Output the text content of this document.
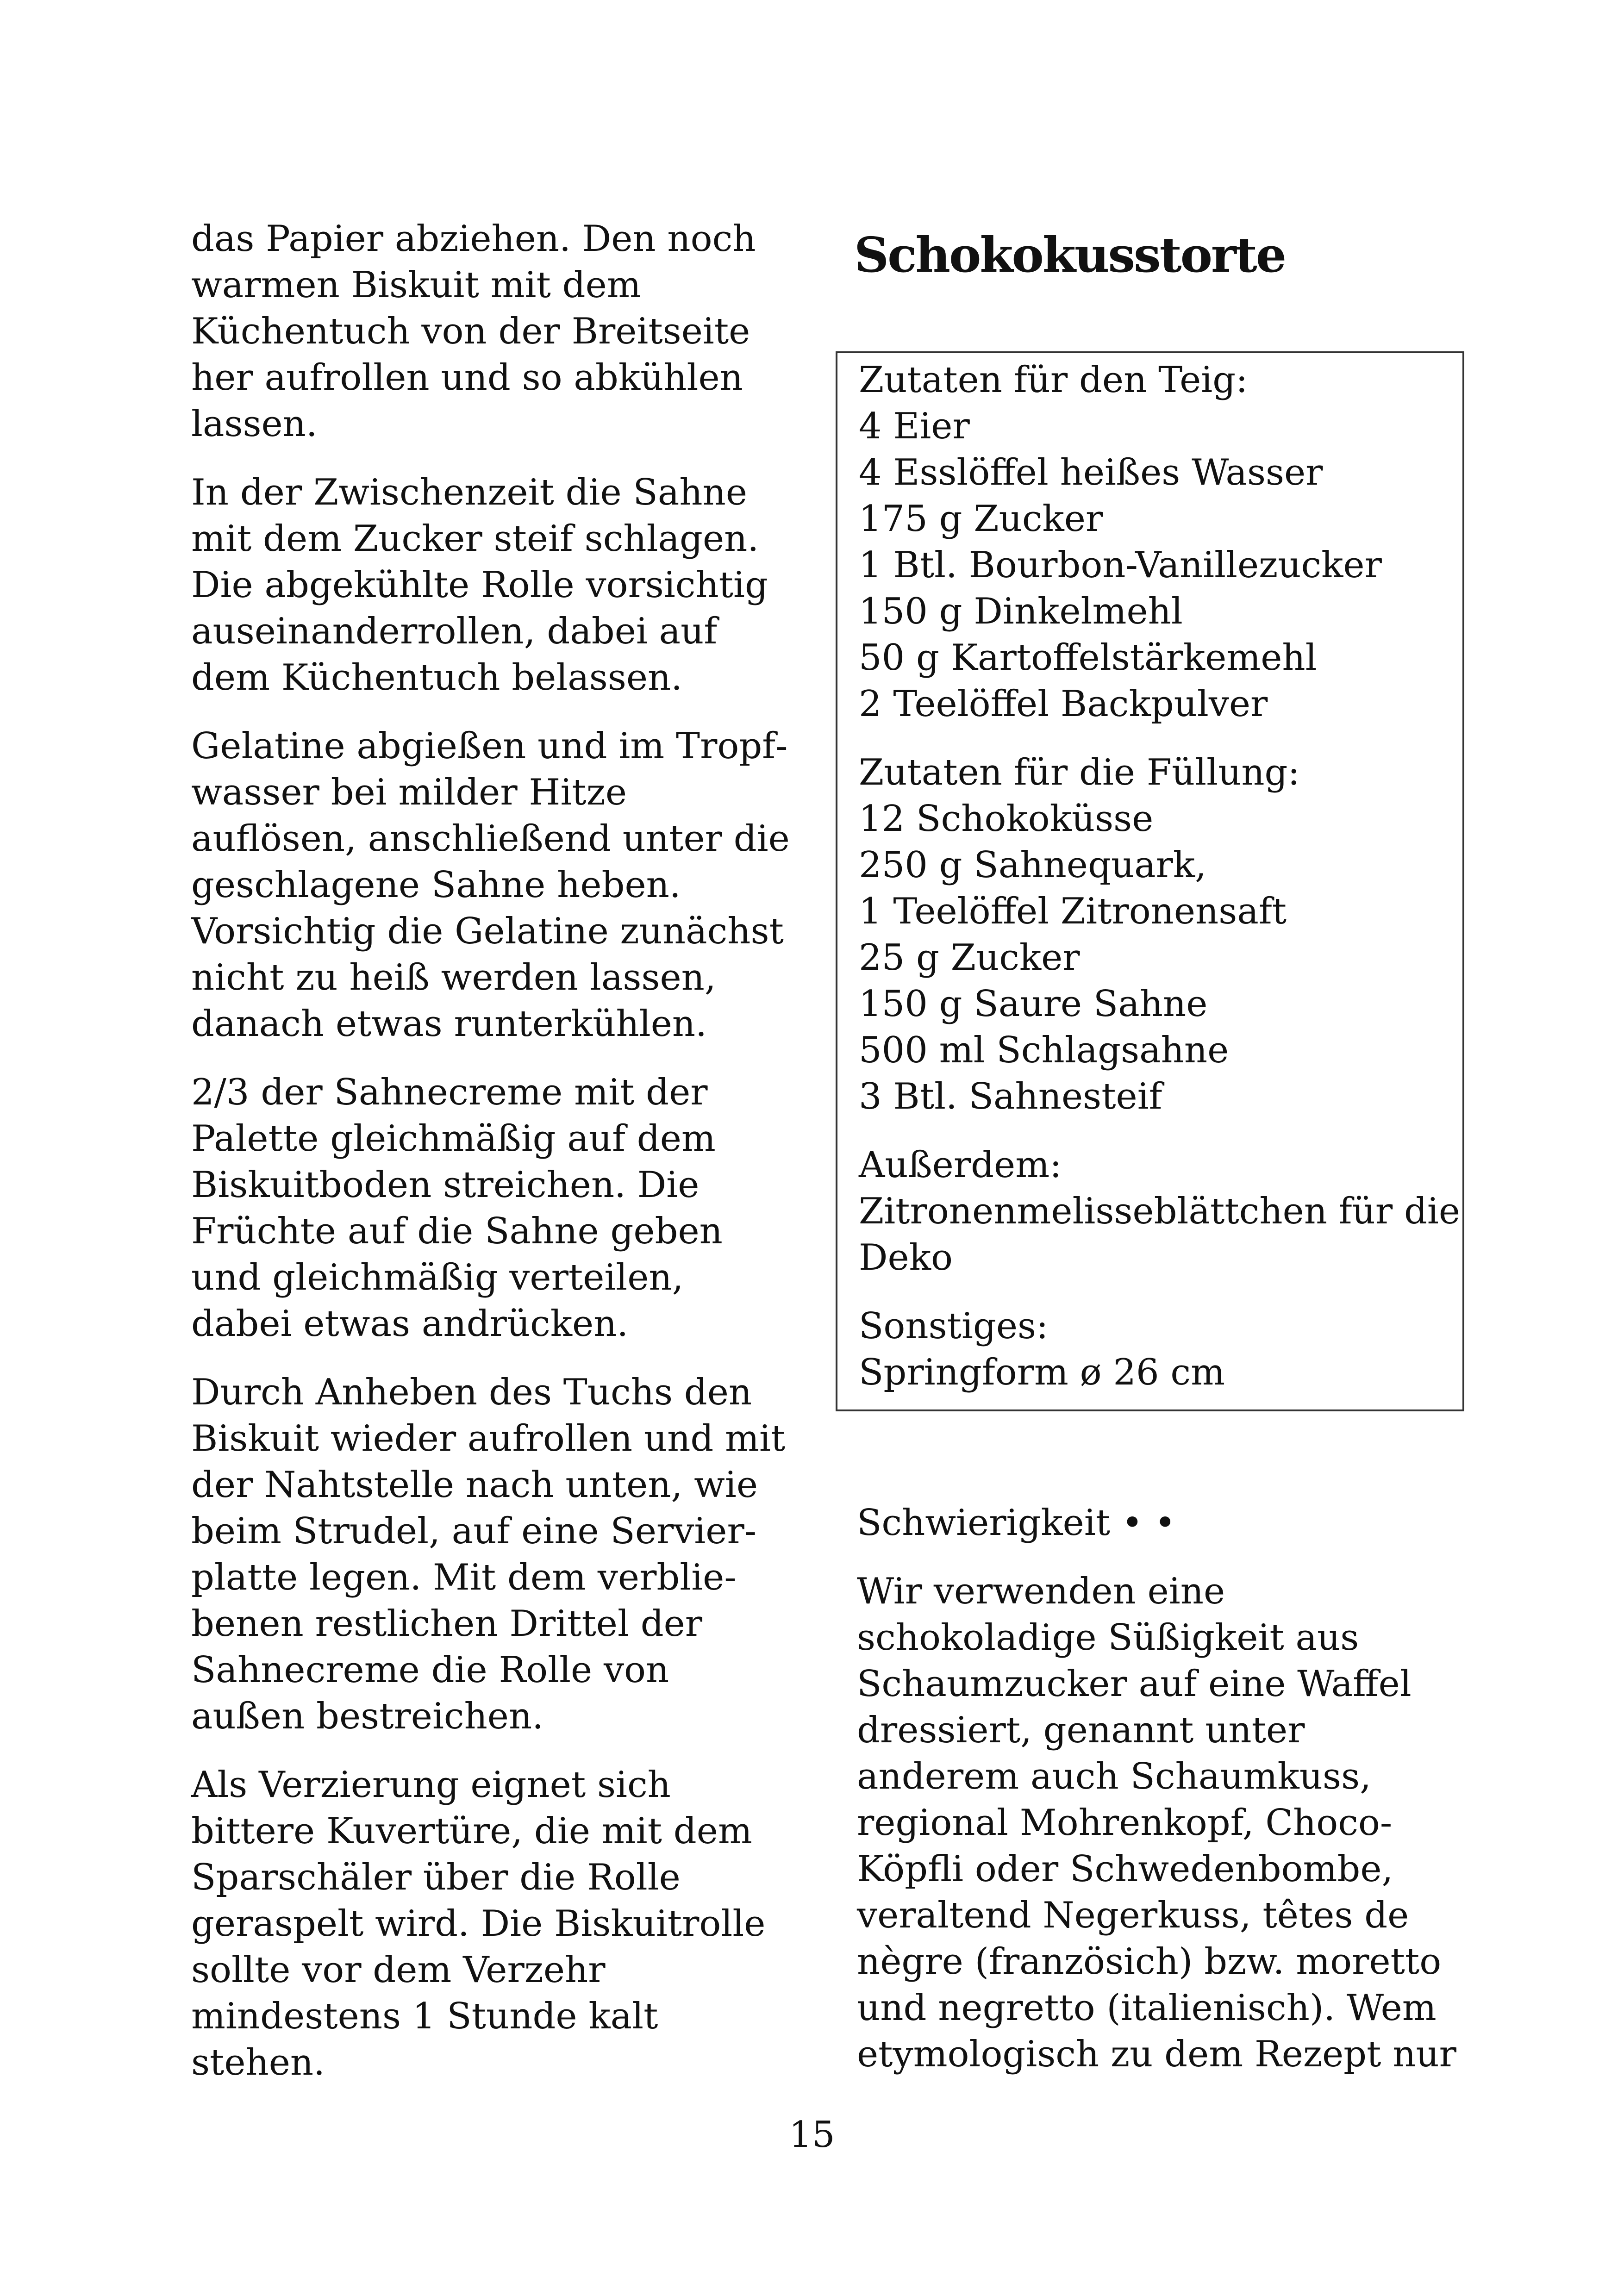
das Papier abziehen. Den noch warmen Biskuit mit dem Küchentuch von der Breitseite her aufrollen und so abkühlen lassen.

In der Zwischenzeit die Sahne mit dem Zucker steif schlagen. Die abgekühlte Rolle vorsichtig auseinanderrollen, dabei auf dem Küchentuch belassen.

Gelatine abgießen und im Tropfwasser bei milder Hitze auflösen, anschließend unter die geschlagene Sahne heben. Vorsichtig die Gelatine zunächst nicht zu heiß werden lassen, danach etwas runterkühlen.

2/3 der Sahnecreme mit der Palette gleichmäßig auf dem Biskuitboden streichen. Die Früchte auf die Sahne geben und gleichmäßig verteilen, dabei etwas andrücken.

Durch Anheben des Tuchs den Biskuit wieder aufrollen und mit der Nahtstelle nach unten, wie beim Strudel, auf eine Servierplatte legen. Mit dem verbliebenen restlichen Drittel der Sahnecreme die Rolle von außen bestreichen.

Als Verzierung eignet sich bittere Kuvertüre, die mit dem Sparschäler über die Rolle geraspelt wird. Die Biskuitrolle sollte vor dem Verzehr mindestens 1 Stunde kalt stehen.

Schokokusstorte
Zutaten für den Teig:
4 Eier
4 Esslöffel heißes Wasser
175 g Zucker
1 Btl. Bourbon-Vanillezucker
150 g Dinkelmehl
50 g Kartoffelstärkemehl
2 Teelöffel Backpulver
Zutaten für die Füllung:
12 Schokoküsse
250 g Sahnequark,
1 Teelöffel Zitronensaft
25 g Zucker
150 g Saure Sahne
500 ml Schlagsahne
3 Btl. Sahnesteif
Außerdem:
Zitronenmelisseblättchen für die Deko
Sonstiges:
Springform ø 26 cm
Schwierigkeit • •

Wir verwenden eine schokoladige Süßigkeit aus Schaumzucker auf eine Waffel dressiert, genannt unter anderem auch Schaumkuss, regional Mohrenkopf, ChocoKöpfli oder Schwedenbombe, veraltend Negerkuss, têtes de nègre (französich) bzw. moretto und negretto (italienisch). Wem etymologisch zu dem Rezept nur

15
